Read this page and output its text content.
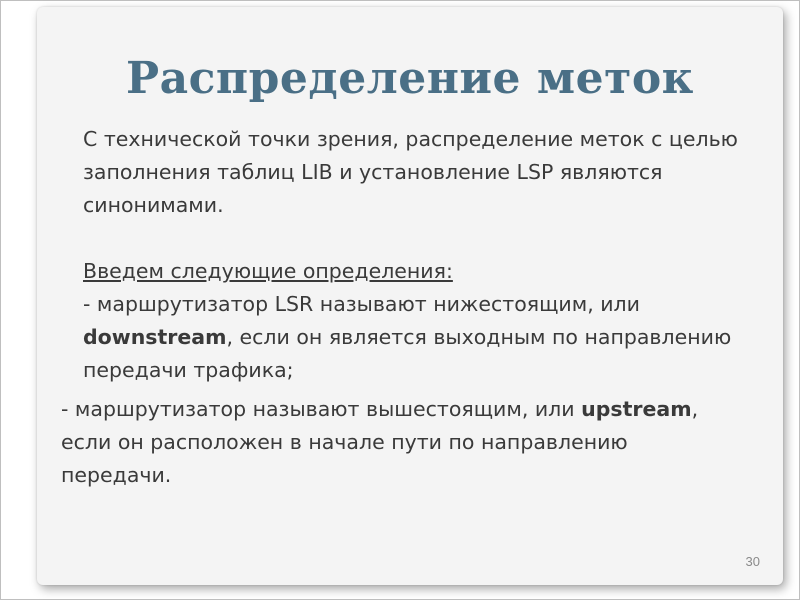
Распределение меток

С технической точки зрения, распределение меток с целью заполнения таблиц LIB и установление LSP являются синонимами.

Введем следующие определения:

- маршрутизатор LSR называют нижестоящим, или downstream, если он является выходным по направлению передачи трафика;

- маршрутизатор называют вышестоящим, или upstream, если он расположен в начале пути по направлению передачи.

30
